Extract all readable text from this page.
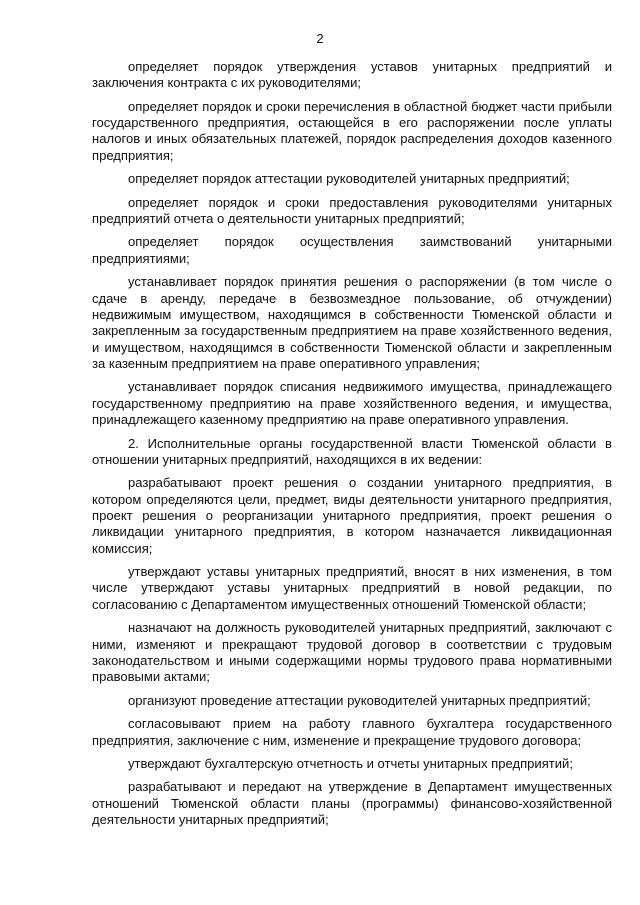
2

определяет порядок утверждения уставов унитарных предприятий и заключения контракта с их руководителями;

определяет порядок и сроки перечисления в областной бюджет части прибыли государственного предприятия, остающейся в его распоряжении после уплаты налогов и иных обязательных платежей, порядок распределения доходов казенного предприятия;

определяет порядок аттестации руководителей унитарных предприятий;

определяет порядок и сроки предоставления руководителями унитарных предприятий отчета о деятельности унитарных предприятий;

определяет порядок осуществления заимствований унитарными предприятиями;

устанавливает порядок принятия решения о распоряжении (в том числе о сдаче в аренду, передаче в безвозмездное пользование, об отчуждении) недвижимым имуществом, находящимся в собственности Тюменской области и закрепленным за государственным предприятием на праве хозяйственного ведения, и имуществом, находящимся в собственности Тюменской области и закрепленным за казенным предприятием на праве оперативного управления;

устанавливает порядок списания недвижимого имущества, принадлежащего государственному предприятию на праве хозяйственного ведения, и имущества, принадлежащего казенному предприятию на праве оперативного управления.

2. Исполнительные органы государственной власти Тюменской области в отношении унитарных предприятий, находящихся в их ведении:

разрабатывают проект решения о создании унитарного предприятия, в котором определяются цели, предмет, виды деятельности унитарного предприятия, проект решения о реорганизации унитарного предприятия, проект решения о ликвидации унитарного предприятия, в котором назначается ликвидационная комиссия;

утверждают уставы унитарных предприятий, вносят в них изменения, в том числе утверждают уставы унитарных предприятий в новой редакции, по согласованию с Департаментом имущественных отношений Тюменской области;

назначают на должность руководителей унитарных предприятий, заключают с ними, изменяют и прекращают трудовой договор в соответствии с трудовым законодательством и иными содержащими нормы трудового права нормативными правовыми актами;

организуют проведение аттестации руководителей унитарных предприятий;

согласовывают прием на работу главного бухгалтера государственного предприятия, заключение с ним, изменение и прекращение трудового договора;

утверждают бухгалтерскую отчетность и отчеты унитарных предприятий;

разрабатывают и передают на утверждение в Департамент имущественных отношений Тюменской области планы (программы) финансово-хозяйственной деятельности унитарных предприятий;
